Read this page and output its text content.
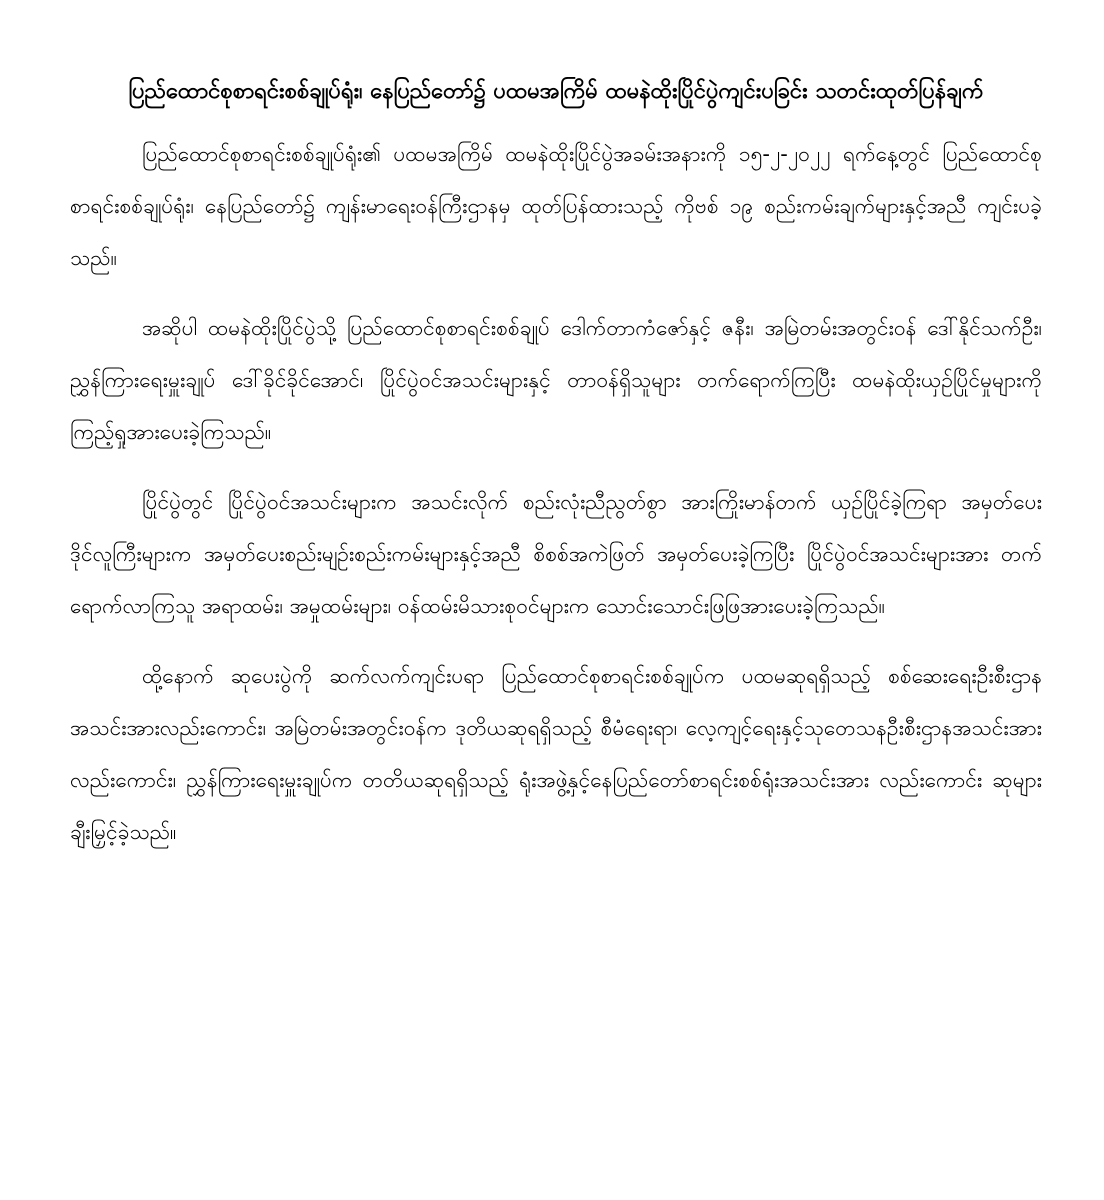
ပြည်ထောင်စုစာရင်းစစ်ချုပ်ရုံး၊ နေပြည်တော်၌ ပထမအကြိမ် ထမနဲထိုးပြိုင်ပွဲကျင်းပခြင်း သတင်းထုတ်ပြန်ချက်

ပြည်ထောင်စုစာရင်းစစ်ချုပ်ရုံး၏ ပထမအကြိမ် ထမနဲထိုးပြိုင်ပွဲအခမ်းအနားကို ၁၅-၂-၂၀၂၂ ရက်နေ့တွင် ပြည်ထောင်စုစာရင်းစစ်ချုပ်ရုံး၊ နေပြည်တော်၌ ကျန်းမာရေးဝန်ကြီးဌာနမှ ထုတ်ပြန်ထားသည့် ကိုဗစ် ၁၉ စည်းကမ်းချက်များနှင့်အညီ ကျင်းပခဲ့သည်။

အဆိုပါ ထမနဲထိုးပြိုင်ပွဲသို့ ပြည်ထောင်စုစာရင်းစစ်ချုပ် ဒေါက်တာကံဇော်နှင့် ဇနီး၊ အမြဲတမ်းအတွင်းဝန် ဒေါ်နိုင်သက်ဦး၊ ညွှန်ကြားရေးမှူးချုပ် ဒေါ်ခိုင်ခိုင်အောင်၊ ပြိုင်ပွဲဝင်အသင်းများနှင့် တာဝန်ရှိသူများ တက်ရောက်ကြပြီး ထမနဲထိုးယှဉ်ပြိုင်မှုများကို ကြည့်ရှုအားပေးခဲ့ကြသည်။

ပြိုင်ပွဲတွင် ပြိုင်ပွဲဝင်အသင်းများက အသင်းလိုက် စည်းလုံးညီညွတ်စွာ အားကြိုးမာန်တက် ယှဉ်ပြိုင်ခဲ့ကြရာ အမှတ်ပေးဒိုင်လူကြီးများက အမှတ်ပေးစည်းမျဉ်းစည်းကမ်းများနှင့်အညီ စိစစ်အကဲဖြတ် အမှတ်ပေးခဲ့ကြပြီး ပြိုင်ပွဲဝင်အသင်းများအား တက်ရောက်လာကြသူ အရာထမ်း၊ အမှုထမ်းများ၊ ဝန်ထမ်းမိသားစုဝင်များက သောင်းသောင်းဖြဖြအားပေးခဲ့ကြသည်။

ထို့နောက် ဆုပေးပွဲကို ဆက်လက်ကျင်းပရာ ပြည်ထောင်စုစာရင်းစစ်ချုပ်က ပထမဆုရရှိသည့် စစ်ဆေးရေးဦးစီးဌာနအသင်းအားလည်းကောင်း၊ အမြဲတမ်းအတွင်းဝန်က ဒုတိယဆုရရှိသည့် စီမံရေးရာ၊ လေ့ကျင့်ရေးနှင့်သုတေသနဦးစီးဌာနအသင်းအားလည်းကောင်း၊ ညွှန်ကြားရေးမှူးချုပ်က တတိယဆုရရှိသည့် ရုံးအဖွဲ့နှင့်နေပြည်တော်စာရင်းစစ်ရုံးအသင်းအား လည်းကောင်း ဆုများချီးမြှင့်ခဲ့သည်။
